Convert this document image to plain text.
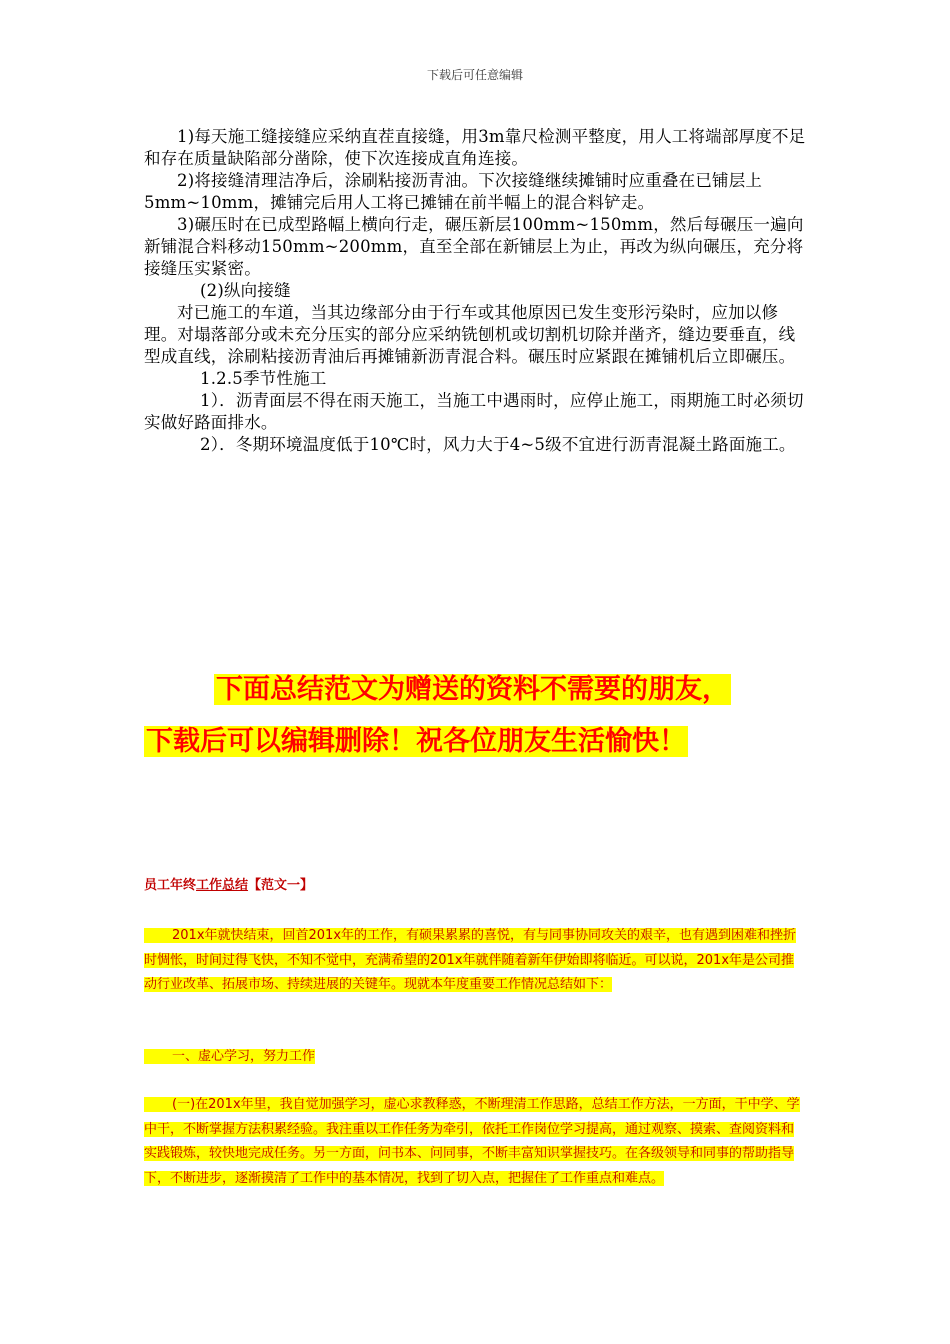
下载后可任意编辑

1)每天施工缝接缝应采纳直茬直接缝，用3m靠尺检测平整度，用人工将端部厚度不足和存在质量缺陷部分凿除，使下次连接成直角连接。

2)将接缝清理洁净后，涂刷粘接沥青油。下次接缝继续摊铺时应重叠在已铺层上5mm~10mm，摊铺完后用人工将已摊铺在前半幅上的混合料铲走。

3)碾压时在已成型路幅上横向行走，碾压新层100mm~150mm，然后每碾压一遍向新铺混合料移动150mm~200mm，直至全部在新铺层上为止，再改为纵向碾压，充分将接缝压实紧密。

(2)纵向接缝

对已施工的车道，当其边缘部分由于行车或其他原因已发生变形污染时，应加以修理。对塌落部分或未充分压实的部分应采纳铣刨机或切割机切除并凿齐，缝边要垂直，线型成直线，涂刷粘接沥青油后再摊铺新沥青混合料。碾压时应紧跟在摊铺机后立即碾压。

1.2.5季节性施工

1）．沥青面层不得在雨天施工，当施工中遇雨时，应停止施工，雨期施工时必须切实做好路面排水。

2）．冬期环境温度低于10℃时，风力大于4~5级不宜进行沥青混凝土路面施工。

下面总结范文为赠送的资料不需要的朋友，
下载后可以编辑删除！祝各位朋友生活愉快！
员工年终工作总结【范文一】
201x年就快结束，回首201x年的工作，有硕果累累的喜悦，有与同事协同攻关的艰辛，也有遇到困难和挫折时惆怅，时间过得飞快，不知不觉中，充满希望的201x年就伴随着新年伊始即将临近。可以说，201x年是公司推动行业改革、拓展市场、持续进展的关键年。现就本年度重要工作情况总结如下：
一、虚心学习，努力工作
(一)在201x年里，我自觉加强学习，虚心求教释惑，不断理清工作思路，总结工作方法，一方面，干中学、学中干，不断掌握方法积累经验。我注重以工作任务为牵引，依托工作岗位学习提高，通过观察、摸索、查阅资料和实践锻炼，较快地完成任务。另一方面，问书本、问同事，不断丰富知识掌握技巧。在各级领导和同事的帮助指导下，不断进步，逐渐摸清了工作中的基本情况，找到了切入点，把握住了工作重点和难点。
